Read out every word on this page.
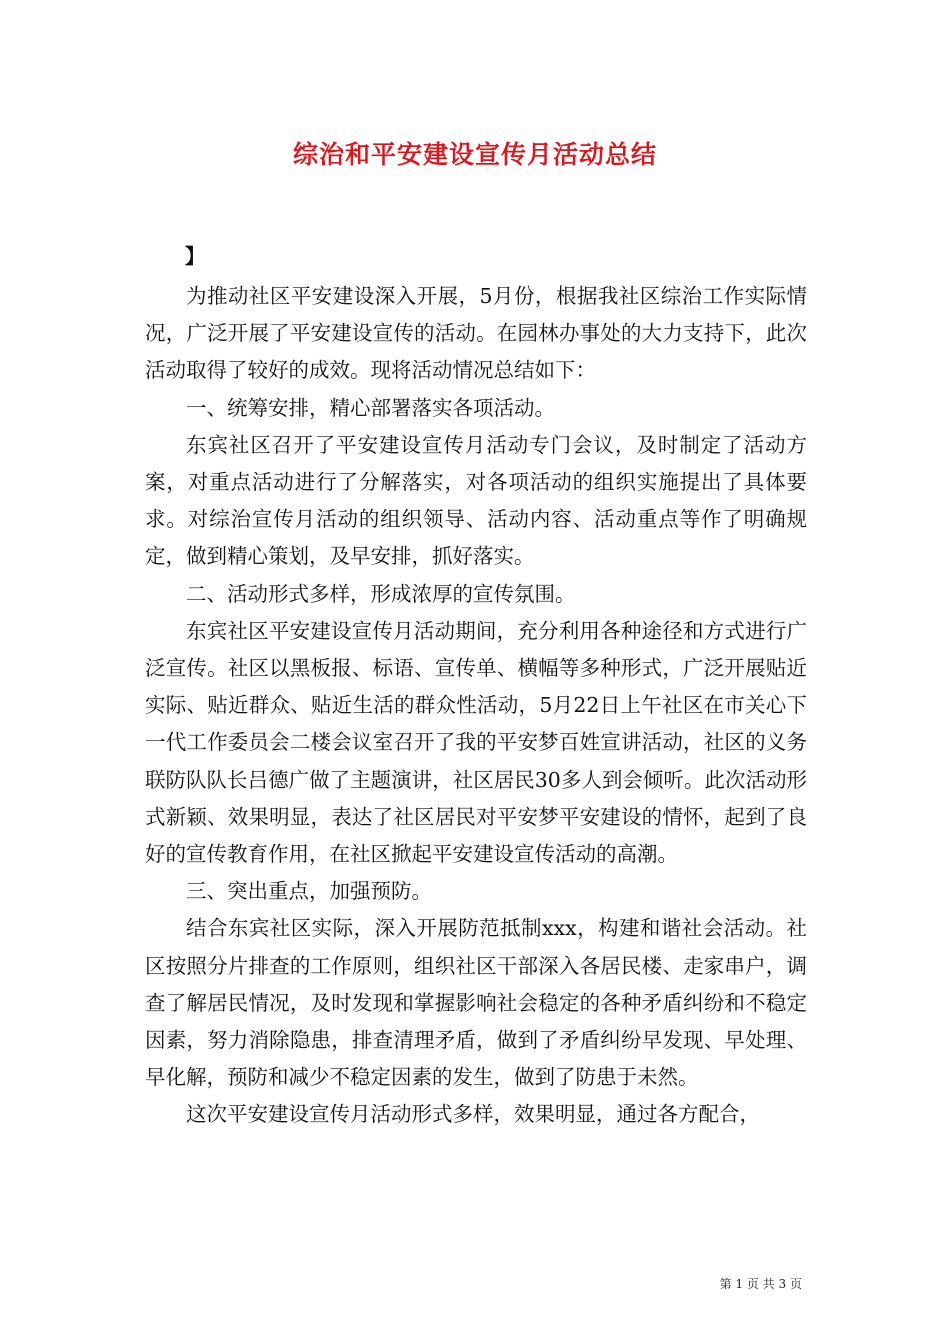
综治和平安建设宣传月活动总结
】

为推动社区平安建设深入开展，5月份，根据我社区综治工作实际情况，广泛开展了平安建设宣传的活动。在园林办事处的大力支持下，此次活动取得了较好的成效。现将活动情况总结如下：

一、统筹安排，精心部署落实各项活动。

东宾社区召开了平安建设宣传月活动专门会议，及时制定了活动方案，对重点活动进行了分解落实，对各项活动的组织实施提出了具体要求。对综治宣传月活动的组织领导、活动内容、活动重点等作了明确规定，做到精心策划，及早安排，抓好落实。

二、活动形式多样，形成浓厚的宣传氛围。

东宾社区平安建设宣传月活动期间，充分利用各种途径和方式进行广泛宣传。社区以黑板报、标语、宣传单、横幅等多种形式，广泛开展贴近实际、贴近群众、贴近生活的群众性活动，5月22日上午社区在市关心下一代工作委员会二楼会议室召开了我的平安梦百姓宣讲活动，社区的义务联防队队长吕德广做了主题演讲，社区居民30多人到会倾听。此次活动形式新颖、效果明显，表达了社区居民对平安梦平安建设的情怀，起到了良好的宣传教育作用，在社区掀起平安建设宣传活动的高潮。

三、突出重点，加强预防。

结合东宾社区实际，深入开展防范抵制xxx，构建和谐社会活动。社区按照分片排查的工作原则，组织社区干部深入各居民楼、走家串户，调查了解居民情况，及时发现和掌握影响社会稳定的各种矛盾纠纷和不稳定因素，努力消除隐患，排查清理矛盾，做到了矛盾纠纷早发现、早处理、早化解，预防和减少不稳定因素的发生，做到了防患于未然。

这次平安建设宣传月活动形式多样，效果明显，通过各方配合，

第 1 页 共 3 页
